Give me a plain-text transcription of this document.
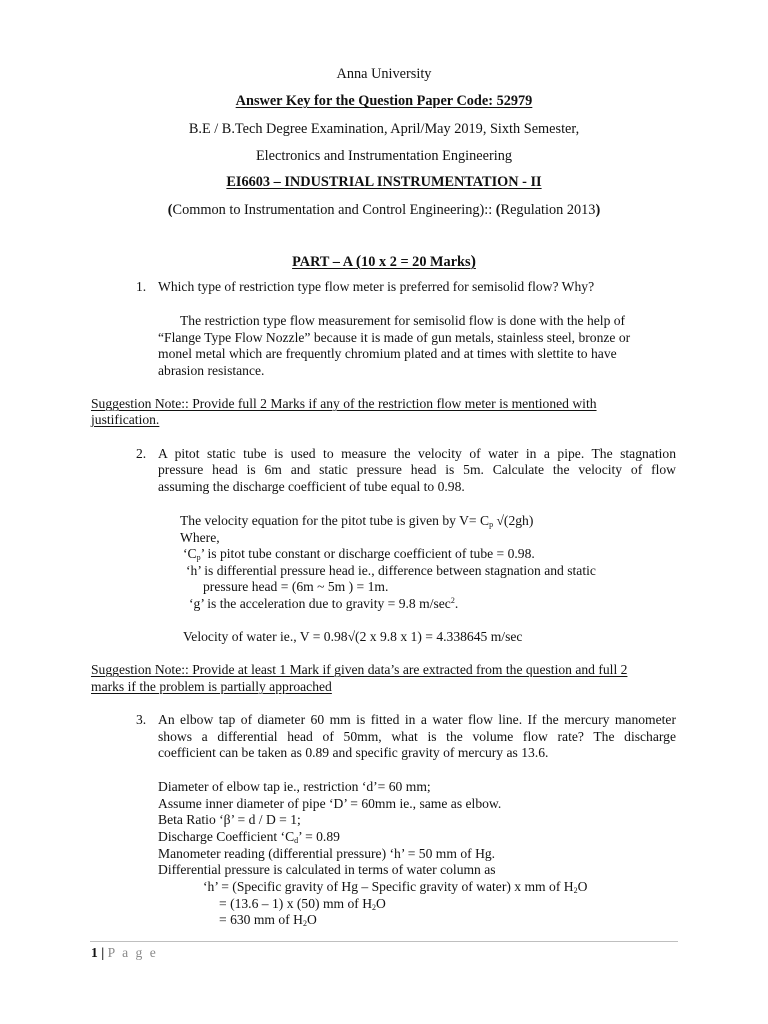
Anna University
Answer Key for the Question Paper Code: 52979
B.E / B.Tech Degree Examination, April/May 2019, Sixth Semester,
Electronics and Instrumentation Engineering
EI6603 – INDUSTRIAL INSTRUMENTATION - II
(Common to Instrumentation and Control Engineering):: (Regulation 2013)
PART – A (10 x 2 = 20 Marks)
1. Which type of restriction type flow meter is preferred for semisolid flow? Why?
The restriction type flow measurement for semisolid flow is done with the help of
“Flange Type Flow Nozzle” because it is made of gun metals, stainless steel, bronze or
monel metal which are frequently chromium plated and at times with slettite to have
abrasion resistance.
Suggestion Note:: Provide full 2 Marks if any of the restriction flow meter is mentioned with
justification.
2. A pitot static tube is used to measure the velocity of water in a pipe. The stagnation
pressure head is 6m and static pressure head is 5m. Calculate the velocity of flow
assuming the discharge coefficient of tube equal to 0.98.
The velocity equation for the pitot tube is given by $V= C_p$ √(2gh)
Where,
‘$C_p$’ is pitot tube constant or discharge coefficient of tube = 0.98.
‘h’ is differential pressure head ie., difference between stagnation and static
pressure head = (6m ~ 5m ) = 1m.
‘g’ is the acceleration due to gravity = 9.8 $m/\sec^2$.
Velocity of water ie., V = 0.98√(2 x 9.8 x 1) = 4.338645 m/sec
Suggestion Note:: Provide at least 1 Mark if given data’s are extracted from the question and full 2
marks if the problem is partially approached
3. An elbow tap of diameter 60 mm is fitted in a water flow line. If the mercury manometer
shows a differential head of 50mm, what is the volume flow rate? The discharge
coefficient can be taken as 0.89 and specific gravity of mercury as 13.6.
Diameter of elbow tap ie., restriction ‘d’= 60 mm;
Assume inner diameter of pipe ‘D’ = 60mm ie., same as elbow.
Beta Ratio ‘β’ = d / D = 1;
Discharge Coefficient ‘$C_d$’ = 0.89
Manometer reading (differential pressure) ‘h’ = 50 mm of Hg.
Differential pressure is calculated in terms of water column as
‘h’ = (Specific gravity of Hg – Specific gravity of water) x mm of $H_2O$
= (13.6 – 1) x (50) mm of $H_2O$
= 630 mm of $H_2O$
1 | P a g e
